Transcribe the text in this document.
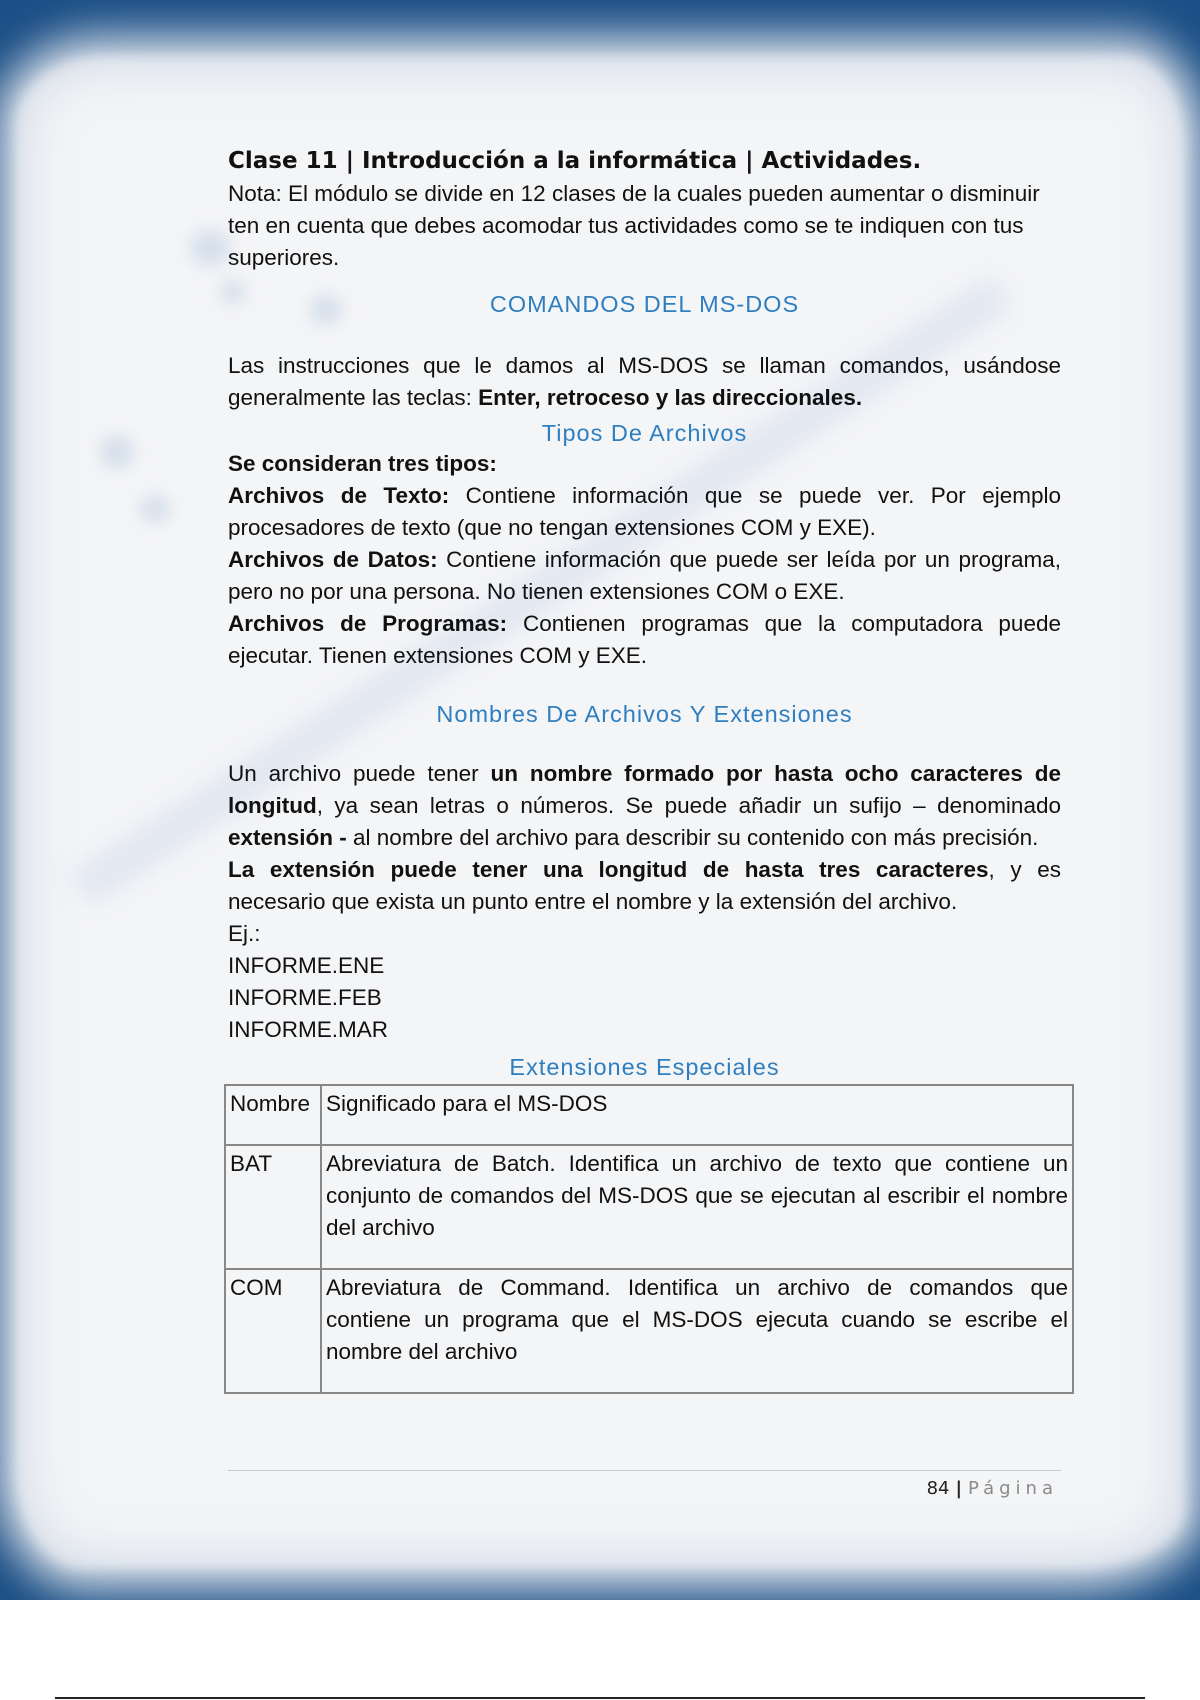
Clase 11 | Introducción a la informática | Actividades.

Nota: El módulo se divide en 12 clases de la cuales pueden aumentar o disminuir ten en cuenta que debes acomodar tus actividades como se te indiquen con tus superiores.

COMANDOS DEL MS-DOS

Las instrucciones que le damos al MS-DOS se llaman comandos, usándose generalmente las teclas: Enter, retroceso y las direccionales.

Tipos De Archivos

Se consideran tres tipos:

Archivos de Texto: Contiene información que se puede ver. Por ejemplo procesadores de texto (que no tengan extensiones COM y EXE).

Archivos de Datos: Contiene información que puede ser leída por un programa, pero no por una persona. No tienen extensiones COM o EXE.

Archivos de Programas: Contienen programas que la computadora puede ejecutar. Tienen extensiones COM y EXE.

Nombres De Archivos Y Extensiones

Un archivo puede tener un nombre formado por hasta ocho caracteres de longitud, ya sean letras o números. Se puede añadir un sufijo – denominado extensión - al nombre del archivo para describir su contenido con más precisión.

La extensión puede tener una longitud de hasta tres caracteres, y es necesario que exista un punto entre el nombre y la extensión del archivo.

Ej.:

INFORME.ENE

INFORME.FEB

INFORME.MAR

Extensiones Especiales

Nombre	Significado para el MS-DOS
BAT	Abreviatura de Batch. Identifica un archivo de texto que contiene un conjunto de comandos del MS-DOS que se ejecutan al escribir el nombre del archivo
COM	Abreviatura de Command. Identifica un archivo de comandos que contiene un programa que el MS-DOS ejecuta cuando se escribe el nombre del archivo
84 | Página
